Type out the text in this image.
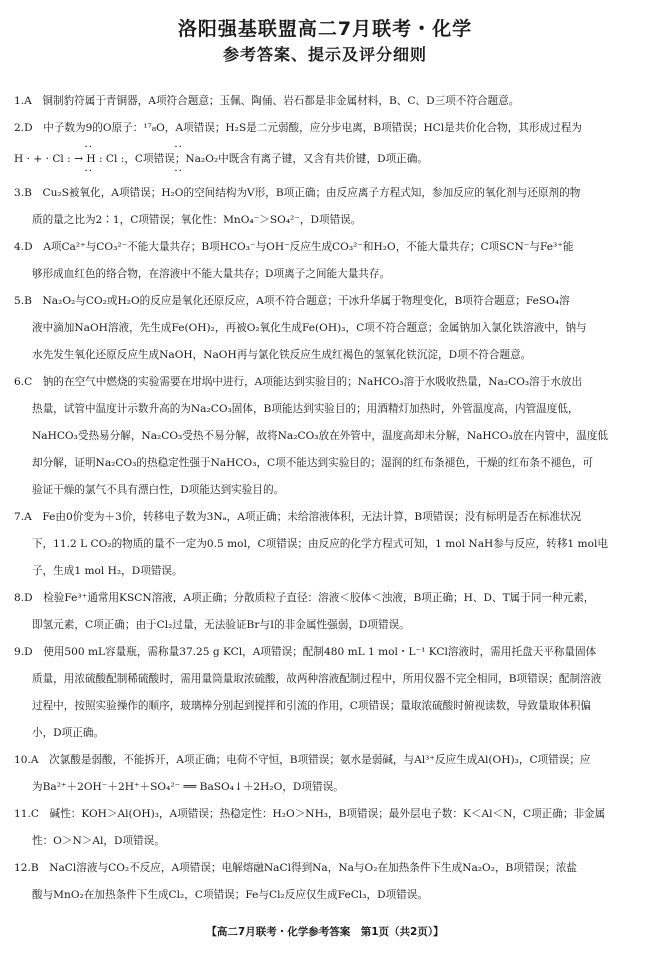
洛阳强基联盟高二7月联考・化学
参考答案、提示及评分细则

1.A　铜制豹符属于青铜器，A项符合题意；玉佩、陶俑、岩石都是非金属材料，B、C、D三项不符合题意。

2.D　中子数为9的O原子：¹⁷₈O，A项错误；H₂S是二元弱酸，应分步电离，B项错误；HCl是共价化合物，其形成过程为

　　　　··　　　　　　　··

H · + · Cl : → H : Cl :，C项错误；Na₂O₂中既含有离子键，又含有共价键，D项正确。

　　　　··　　　　　　　··

3.B　Cu₂S被氧化，A项错误；H₂O的空间结构为V形，B项正确；由反应离子方程式知，参加反应的氧化剂与还原剂的物

质的量之比为2∶1，C项错误；氧化性：MnO₄⁻＞SO₄²⁻，D项错误。

4.D　A项Ca²⁺与CO₃²⁻不能大量共存；B项HCO₃⁻与OH⁻反应生成CO₃²⁻和H₂O，不能大量共存；C项SCN⁻与Fe³⁺能

够形成血红色的络合物，在溶液中不能大量共存；D项离子之间能大量共存。

5.B　Na₂O₂与CO₂或H₂O的反应是氧化还原反应，A项不符合题意；干冰升华属于物理变化，B项符合题意；FeSO₄溶

液中滴加NaOH溶液，先生成Fe(OH)₂，再被O₂氧化生成Fe(OH)₃，C项不符合题意；金属钠加入氯化铁溶液中，钠与

水先发生氧化还原反应生成NaOH，NaOH再与氯化铁反应生成红褐色的氢氧化铁沉淀，D项不符合题意。

6.C　钠的在空气中燃烧的实验需要在坩埚中进行，A项能达到实验目的；NaHCO₃溶于水吸收热量，Na₂CO₃溶于水放出

热量，试管中温度计示数升高的为Na₂CO₃固体，B项能达到实验目的；用酒精灯加热时，外管温度高，内管温度低，

NaHCO₃受热易分解，Na₂CO₃受热不易分解，故将Na₂CO₃放在外管中，温度高却未分解，NaHCO₃放在内管中，温度低

却分解，证明Na₂CO₃的热稳定性强于NaHCO₃，C项不能达到实验目的；湿润的红布条褪色，干燥的红布条不褪色，可

验证干燥的氯气不具有漂白性，D项能达到实验目的。

7.A　Fe由0价变为＋3价，转移电子数为3Nₐ，A项正确；未给溶液体积，无法计算，B项错误；没有标明是否在标准状况

下，11.2 L CO₂的物质的量不一定为0.5 mol，C项错误；由反应的化学方程式可知，1 mol NaH参与反应，转移1 mol电

子，生成1 mol H₂，D项错误。

8.D　检验Fe³⁺通常用KSCN溶液，A项正确；分散质粒子直径：溶液＜胶体＜浊液，B项正确；H、D、T属于同一种元素，

即氢元素，C项正确；由于Cl₂过量，无法验证Br与I的非金属性强弱，D项错误。

9.D　使用500 mL容量瓶，需称量37.25 g KCl，A项错误；配制480 mL 1 mol・L⁻¹ KCl溶液时，需用托盘天平称量固体

质量，用浓硫酸配制稀硫酸时，需用量筒量取浓硫酸，故两种溶液配制过程中，所用仪器不完全相同，B项错误；配制溶液

过程中，按照实验操作的顺序，玻璃棒分别起到搅拌和引流的作用，C项错误；量取浓硫酸时俯视读数，导致量取体积偏

小，D项正确。

10.A　次氯酸是弱酸，不能拆开，A项正确；电荷不守恒，B项错误；氨水是弱碱，与Al³⁺反应生成Al(OH)₃，C项错误；应

为Ba²⁺＋2OH⁻＋2H⁺＋SO₄²⁻ ══ BaSO₄↓＋2H₂O，D项错误。

11.C　碱性：KOH＞Al(OH)₃，A项错误；热稳定性：H₂O＞NH₃，B项错误；最外层电子数：K＜Al＜N，C项正确；非金属

性：O＞N＞Al，D项错误。

12.B　NaCl溶液与CO₂不反应，A项错误；电解熔融NaCl得到Na，Na与O₂在加热条件下生成Na₂O₂，B项错误；浓盐

酸与MnO₂在加热条件下生成Cl₂，C项错误；Fe与Cl₂反应仅生成FeCl₃，D项错误。

【高二7月联考・化学参考答案　第1页（共2页）】
